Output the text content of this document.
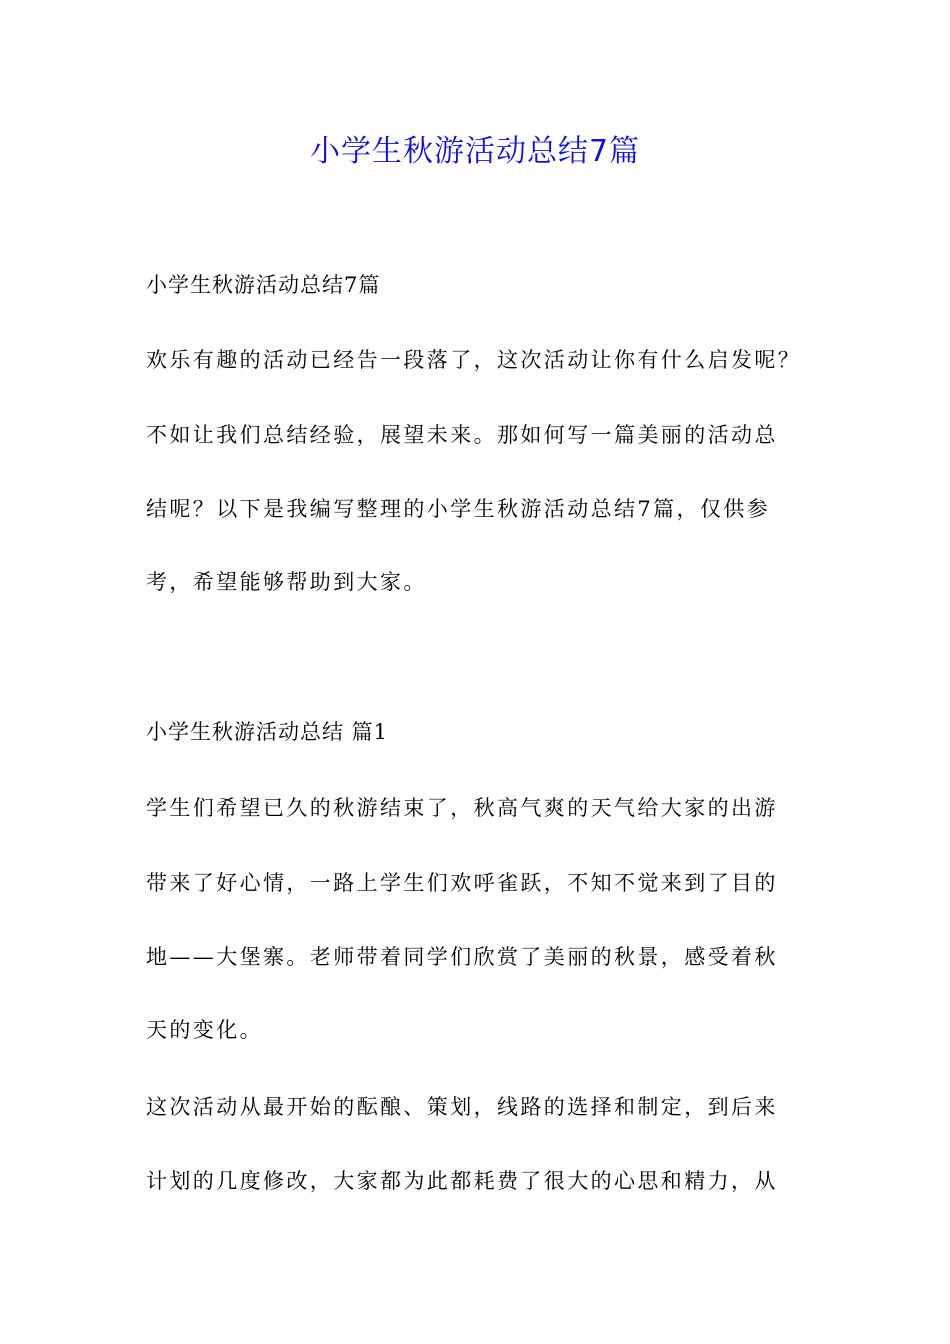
小学生秋游活动总结7篇

小学生秋游活动总结7篇

欢乐有趣的活动已经告一段落了，这次活动让你有什么启发呢？

不如让我们总结经验，展望未来。那如何写一篇美丽的活动总

结呢？以下是我编写整理的小学生秋游活动总结7篇，仅供参

考，希望能够帮助到大家。

小学生秋游活动总结 篇1

学生们希望已久的秋游结束了，秋高气爽的天气给大家的出游

带来了好心情，一路上学生们欢呼雀跃，不知不觉来到了目的

地——大堡寨。老师带着同学们欣赏了美丽的秋景，感受着秋

天的变化。

这次活动从最开始的酝酿、策划，线路的选择和制定，到后来

计划的几度修改，大家都为此都耗费了很大的心思和精力，从
